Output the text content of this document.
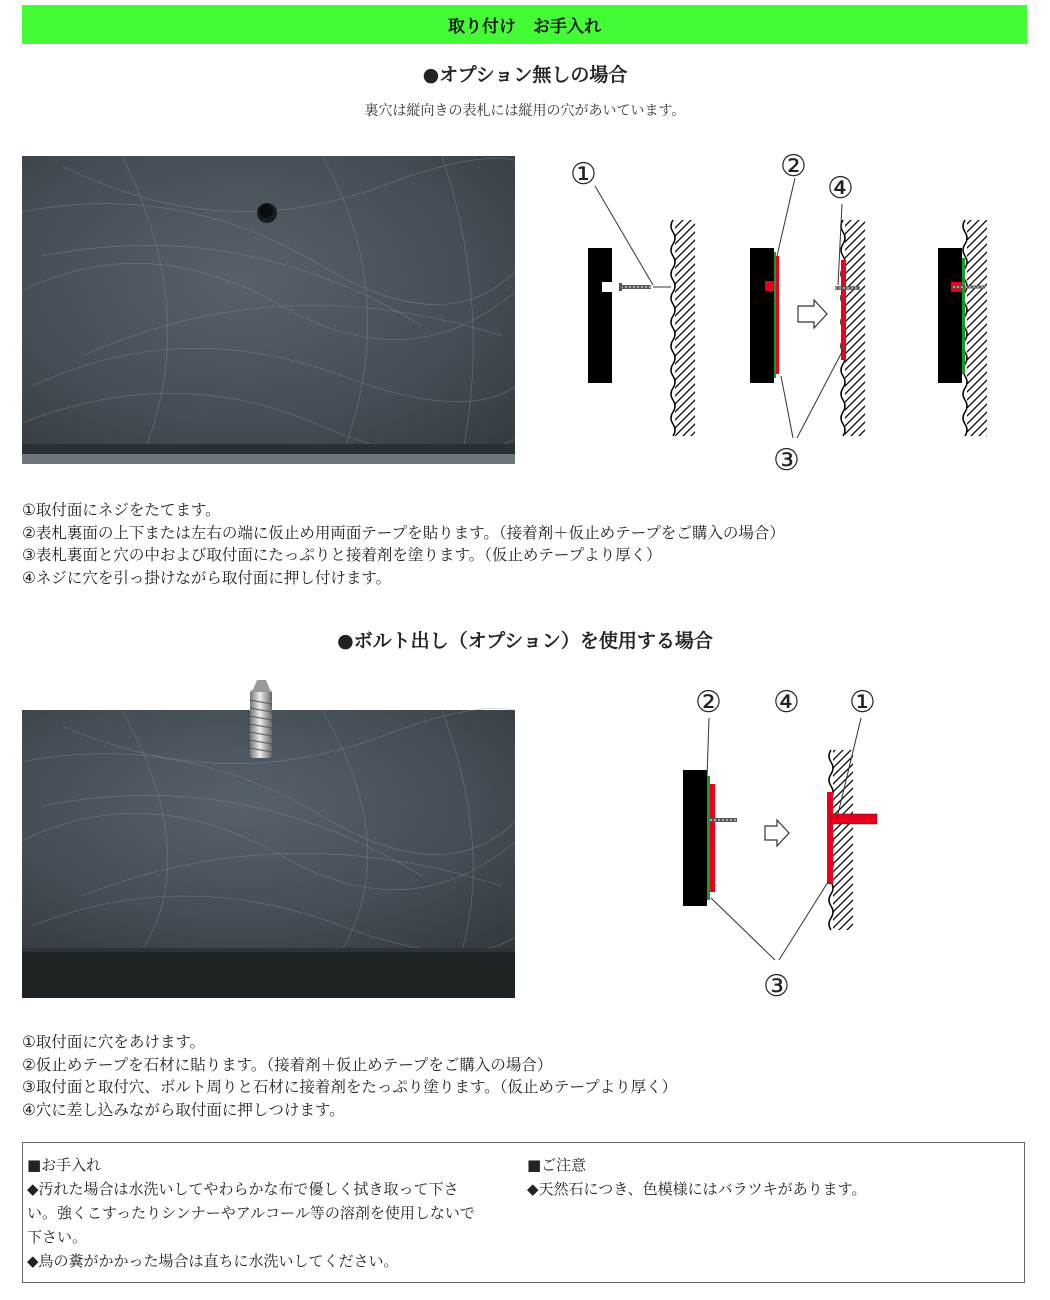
取り付け　お手入れ
●オプション無しの場合
裏穴は縦向きの表札には縦用の穴があいています。
①	②
④
③
①取付面にネジをたてます。
②表札裏面の上下または左右の端に仮止め用両面テープを貼ります。（接着剤＋仮止めテープをご購入の場合）
③表札裏面と穴の中および取付面にたっぷりと接着剤を塗ります。（仮止めテープより厚く）
④ネジに穴を引っ掛けながら取付面に押し付けます。
●ボルト出し（オプション）を使用する場合
② ④ ①
③
①取付面に穴をあけます。
②仮止めテープを石材に貼ります。（接着剤＋仮止めテープをご購入の場合）
③取付面と取付穴、ボルト周りと石材に接着剤をたっぷり塗ります。（仮止めテープより厚く）
④穴に差し込みながら取付面に押しつけます。
■お手入れ
◆汚れた場合は水洗いしてやわらかな布で優しく拭き取って下さ
い。強くこすったりシンナーやアルコール等の溶剤を使用しないで
下さい。
◆鳥の糞がかかった場合は直ちに水洗いしてください。
■ご注意
◆天然石につき、色模様にはバラツキがあります。
